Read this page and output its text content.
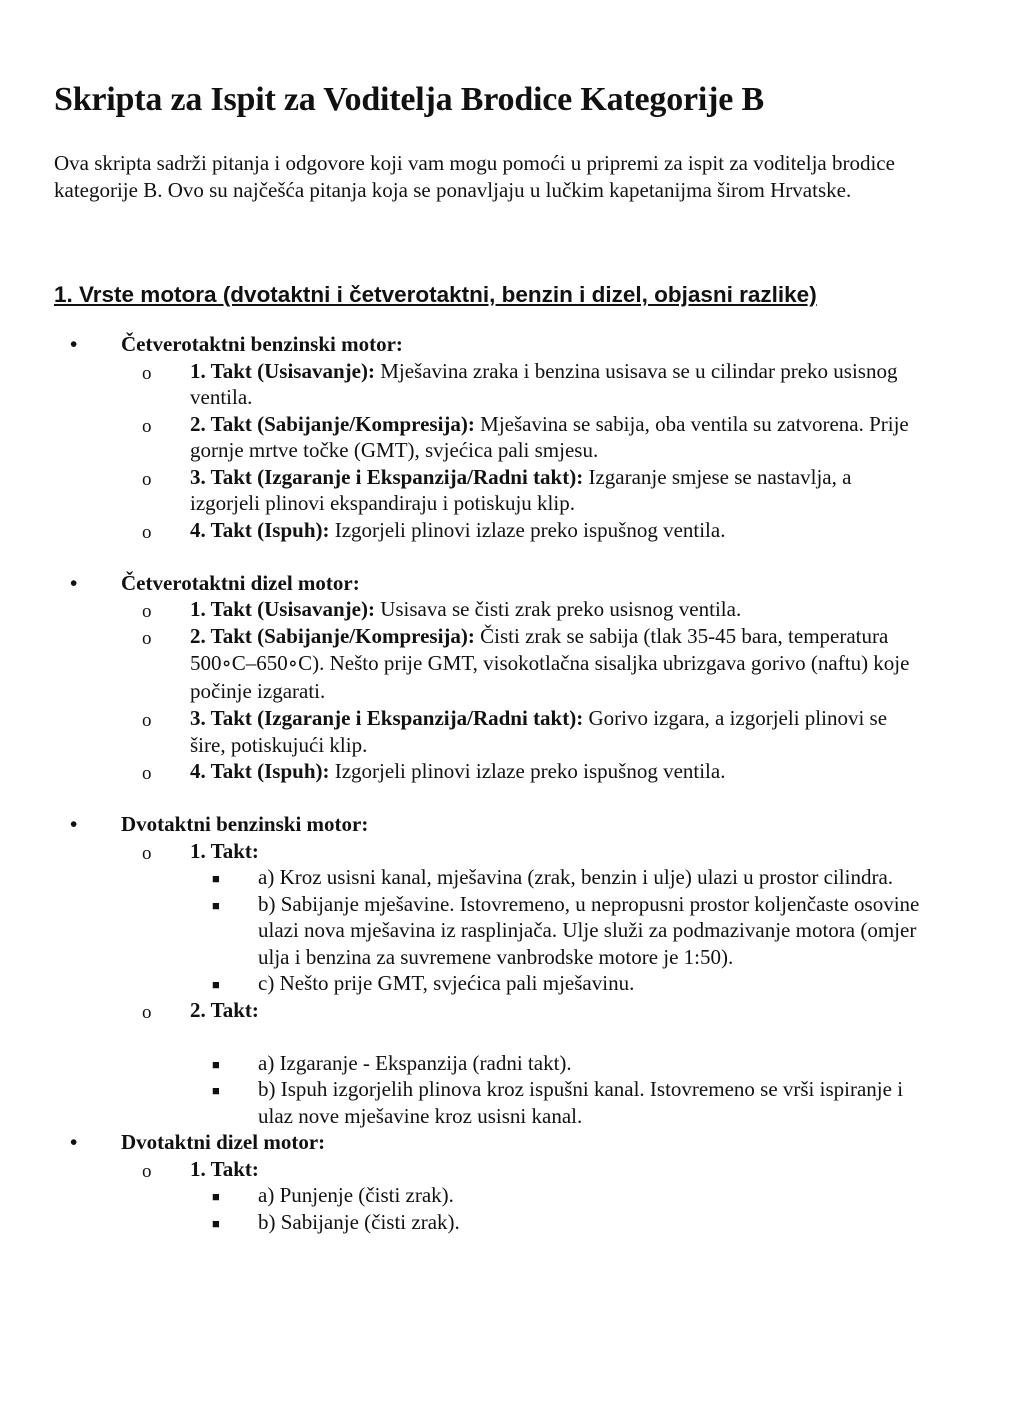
Skripta za Ispit za Voditelja Brodice Kategorije B

Ova skripta sadrži pitanja i odgovore koji vam mogu pomoći u pripremi za ispit za voditelja brodice kategorije B. Ovo su najčešća pitanja koja se ponavljaju u lučkim kapetanijma širom Hrvatske.

1. Vrste motora (dvotaktni i četverotaktni, benzin i dizel, objasni razlike)
• Četverotaktni benzinski motor:
o 1. Takt (Usisavanje): Mješavina zraka i benzina usisava se u cilindar preko usisnog ventila.
o 2. Takt (Sabijanje/Kompresija): Mješavina se sabija, oba ventila su zatvorena. Prije gornje mrtve točke (GMT), svjećica pali smjesu.
o 3. Takt (Izgaranje i Ekspanzija/Radni takt): Izgaranje smjese se nastavlja, a izgorjeli plinovi ekspandiraju i potiskuju klip.
o 4. Takt (Ispuh): Izgorjeli plinovi izlaze preko ispušnog ventila.
• Četverotaktni dizel motor:
o 1. Takt (Usisavanje): Usisava se čisti zrak preko usisnog ventila.
o 2. Takt (Sabijanje/Kompresija): Čisti zrak se sabija (tlak 35-45 bara, temperatura 500∘C–650∘C). Nešto prije GMT, visokotlačna sisaljka ubrizgava gorivo (naftu) koje počinje izgarati.
o 3. Takt (Izgaranje i Ekspanzija/Radni takt): Gorivo izgara, a izgorjeli plinovi se šire, potiskujući klip.
o 4. Takt (Ispuh): Izgorjeli plinovi izlaze preko ispušnog ventila.
• Dvotaktni benzinski motor:
o 1. Takt:
■ a) Kroz usisni kanal, mješavina (zrak, benzin i ulje) ulazi u prostor cilindra.
■ b) Sabijanje mješavine. Istovremeno, u nepropusni prostor koljenčaste osovine ulazi nova mješavina iz rasplinjača. Ulje služi za podmazivanje motora (omjer ulja i benzina za suvremene vanbrodske motore je 1:50).
■ c) Nešto prije GMT, svjećica pali mješavinu.
o 2. Takt:
■ a) Izgaranje - Ekspanzija (radni takt).
■ b) Ispuh izgorjelih plinova kroz ispušni kanal. Istovremeno se vrši ispiranje i ulaz nove mješavine kroz usisni kanal.
• Dvotaktni dizel motor:
o 1. Takt:
■ a) Punjenje (čisti zrak).
■ b) Sabijanje (čisti zrak).
